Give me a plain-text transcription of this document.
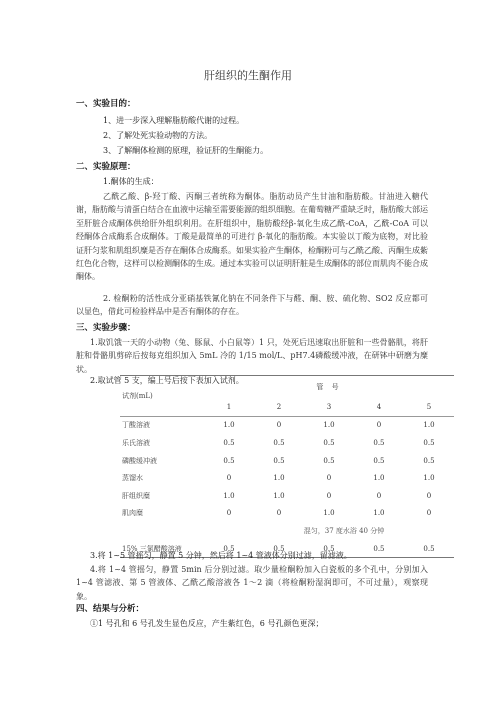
肝组织的生酮作用
一、实验目的：
1、进一步深入理解脂肪酸代谢的过程。
2、了解处死实验动物的方法。
3、了解酮体检测的原理，验证肝的生酮能力。
二、实验原理：
1.酮体的生成：
乙酰乙酸、β-羟丁酸、丙酮三者统称为酮体。脂肪动员产生甘油和脂肪酸。甘油进入糖代谢，脂肪酸与清蛋白结合在血液中运输至需要能源的组织细胞。在葡萄糖严重缺乏时，脂肪酸大部运至肝脏合成酮体供给肝外组织利用。在肝组织中，脂肪酸经β-氧化生成乙酰-CoA，乙酰-CoA 可以经酮体合成酶系合成酮体。丁酸是最简单的可进行 β-氧化的脂肪酸。本实验以丁酸为底物，对比验证肝匀浆和肌组织糜是否存在酮体合成酶系。如果实验产生酮体，检酮粉可与乙酰乙酸、丙酮生成紫红色化合物，这样可以检测酮体的生成。通过本实验可以证明肝脏是生成酮体的部位而肌肉不能合成酮体。
2. 检酮粉的活性成分亚硝基铁氰化钠在不同条件下与醛、酮、胺、硫化物、SO2 反应都可以显色，借此可检验样品中是否有酮体的存在。
三、实验步骤：
1.取饥饿一天的小动物（兔、豚鼠、小白鼠等）1 只，处死后迅速取出肝脏和一些骨骼肌，将肝脏和骨骼肌剪碎后按每克组织加入 5mL 冷的 1/15 mol/L、pH7.4磷酸缓冲液，在研钵中研磨为糜状。
2.取试管 5 支，编上号后按下表加入试剂。
试剂(mL)	管 号				
	1	2	3	4	5
丁酸溶液	1.0	0	1.0	0	1.0
乐氏溶液	0.5	0.5	0.5	0.5	0.5
磷酸缓冲液	0.5	0.5	0.5	0.5	0.5
蒸馏水	0	1.0	0	1.0	1.0
肝组织糜	1.0	1.0	0	0	0
肌肉糜	0	0	1.0	1.0	0
	混匀，37 度水浴 40 分钟				
15% 三氯醋酸溶液	0.5	0.5	0.5	0.5	0.5
3.将 1~5 管摇匀，静置 5 分钟，然后将 1~4 管液体分别过滤，留滤液。
4.将 1~4 管摇匀，静置 5min 后分别过滤。取少量检酮粉加入白瓷板的多个孔中，分别加入 1~4 管滤液、第 5 管液体、乙酰乙酸溶液各 1～2 滴（将检酮粉湿润即可，不可过量），观察现象。
四、结果与分析：
①1 号孔和 6 号孔发生显色反应，产生紫红色，6 号孔颜色更深；
